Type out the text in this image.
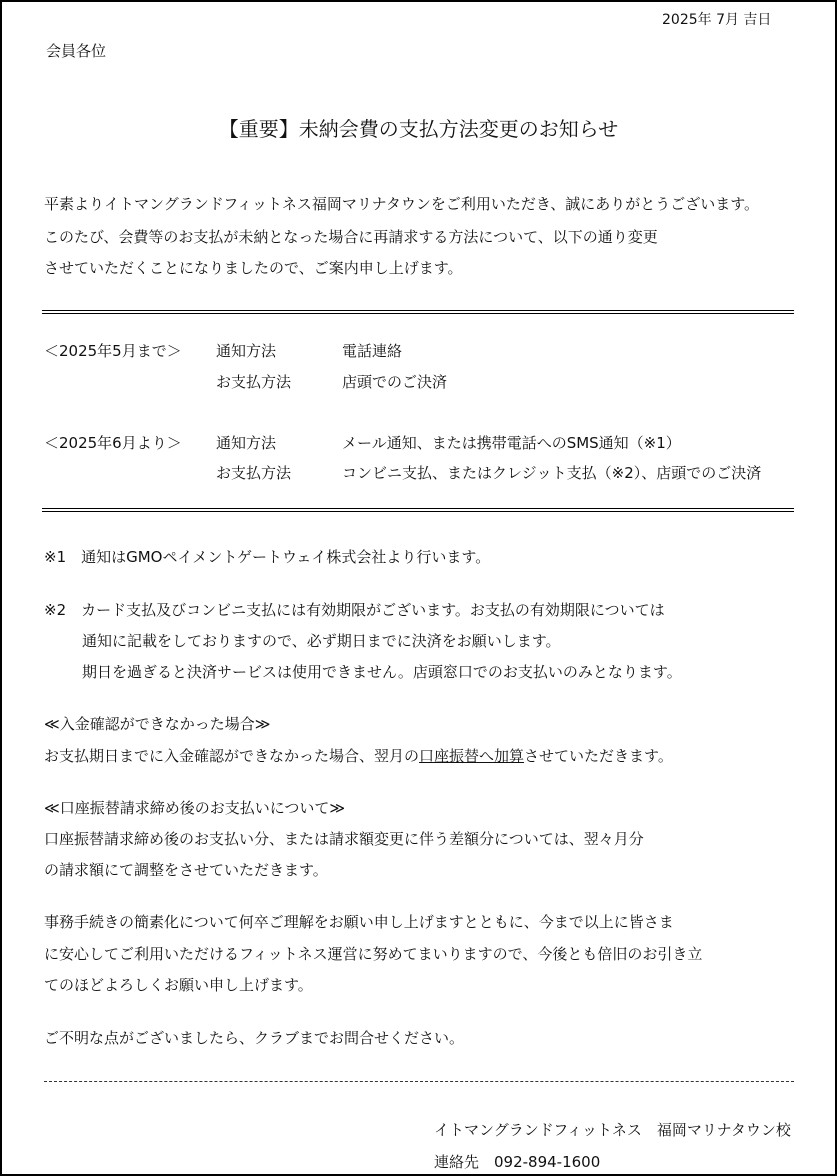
2025年 7月 吉日
会員各位
【重要】未納会費の支払方法変更のお知らせ
平素よりイトマングランドフィットネス福岡マリナタウンをご利用いただき、誠にありがとうございます。
このたび、会費等のお支払が未納となった場合に再請求する方法について、以下の通り変更
させていただくことになりましたので、ご案内申し上げます。
＜2025年5月まで＞ 通知方法	電話連絡
お支払方法	店頭でのご決済
＜2025年6月より＞ 通知方法	メール通知、または携帯電話へのSMS通知（※1）
お支払方法	コンビニ支払、またはクレジット支払（※2）、店頭でのご決済
※1　通知はGMOペイメントゲートウェイ株式会社より行います。
※2　カード支払及びコンビニ支払には有効期限がございます。お支払の有効期限については
通知に記載をしておりますので、必ず期日までに決済をお願いします。
期日を過ぎると決済サービスは使用できません。店頭窓口でのお支払いのみとなります。
≪入金確認ができなかった場合≫
お支払期日までに入金確認ができなかった場合、翌月の口座振替へ加算させていただきます。
≪口座振替請求締め後のお支払いについて≫
口座振替請求締め後のお支払い分、または請求額変更に伴う差額分については、翌々月分
の請求額にて調整をさせていただきます。
事務手続きの簡素化について何卒ご理解をお願い申し上げますとともに、今まで以上に皆さま
に安心してご利用いただけるフィットネス運営に努めてまいりますので、今後とも倍旧のお引き立
てのほどよろしくお願い申し上げます。
ご不明な点がございましたら、クラブまでお問合せください。
イトマングランドフィットネス　福岡マリナタウン校
連絡先　092-894-1600
